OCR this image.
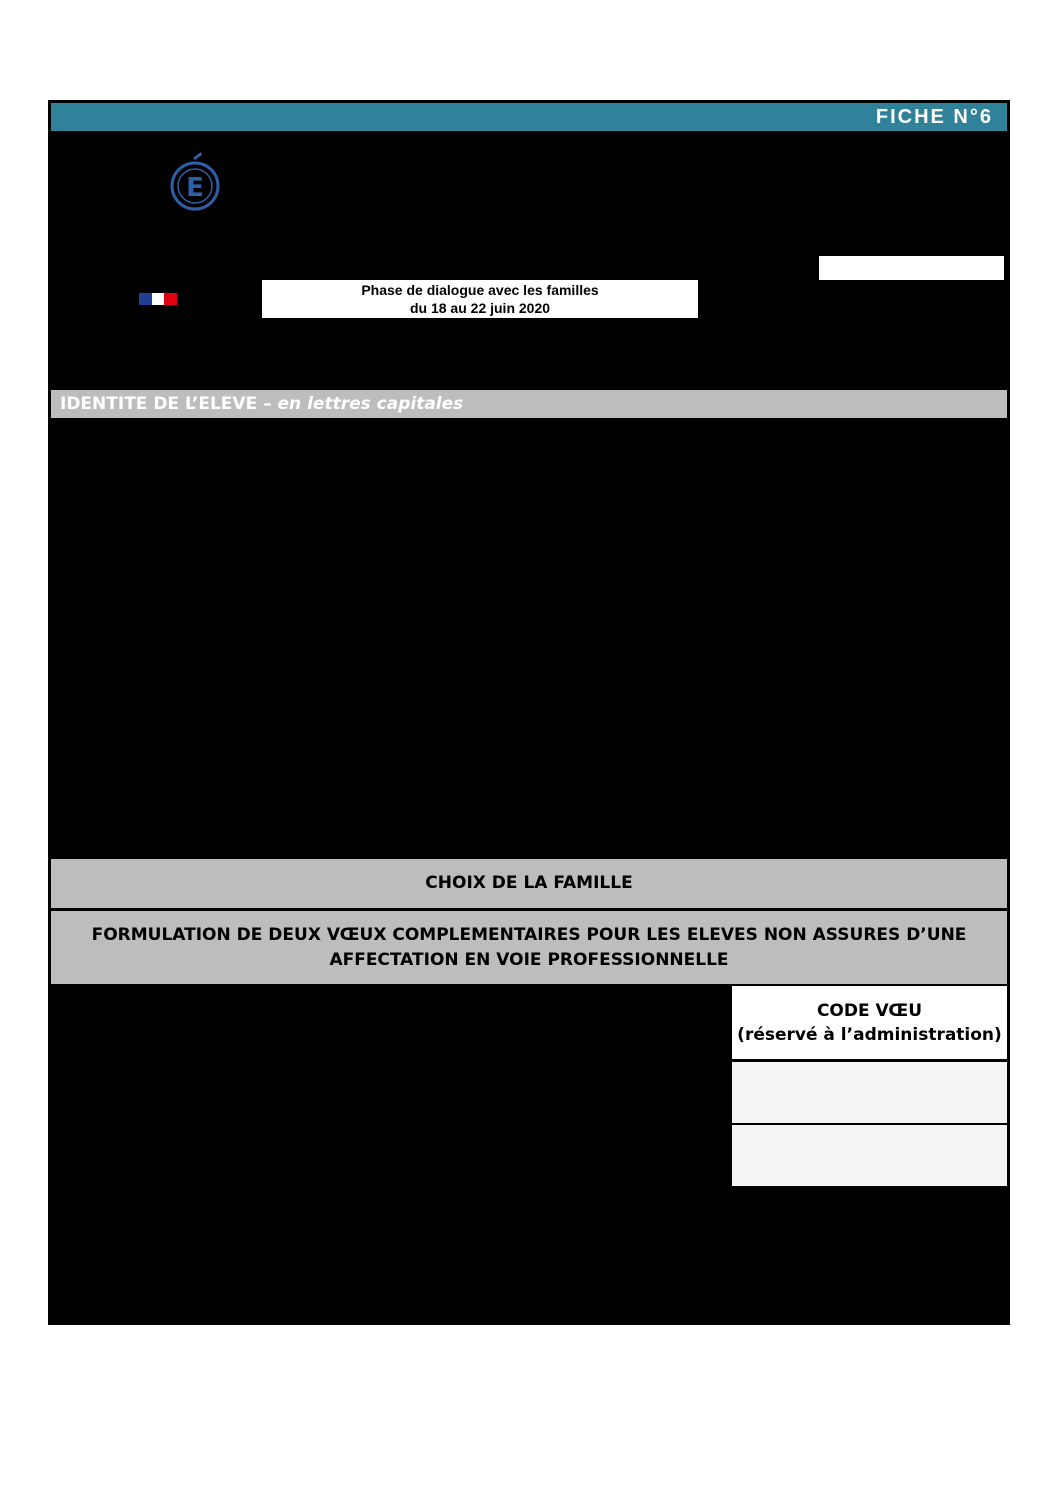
FICHE N°6
E
Phase de dialogue avec les familles
du 18 au 22 juin 2020
IDENTITE DE L’ELEVE – en lettres capitales
CHOIX DE LA FAMILLE
FORMULATION DE DEUX VŒUX COMPLEMENTAIRES POUR LES ELEVES NON ASSURES D’UNE
AFFECTATION EN VOIE PROFESSIONNELLE
CODE VŒU
(réservé à l’administration)
